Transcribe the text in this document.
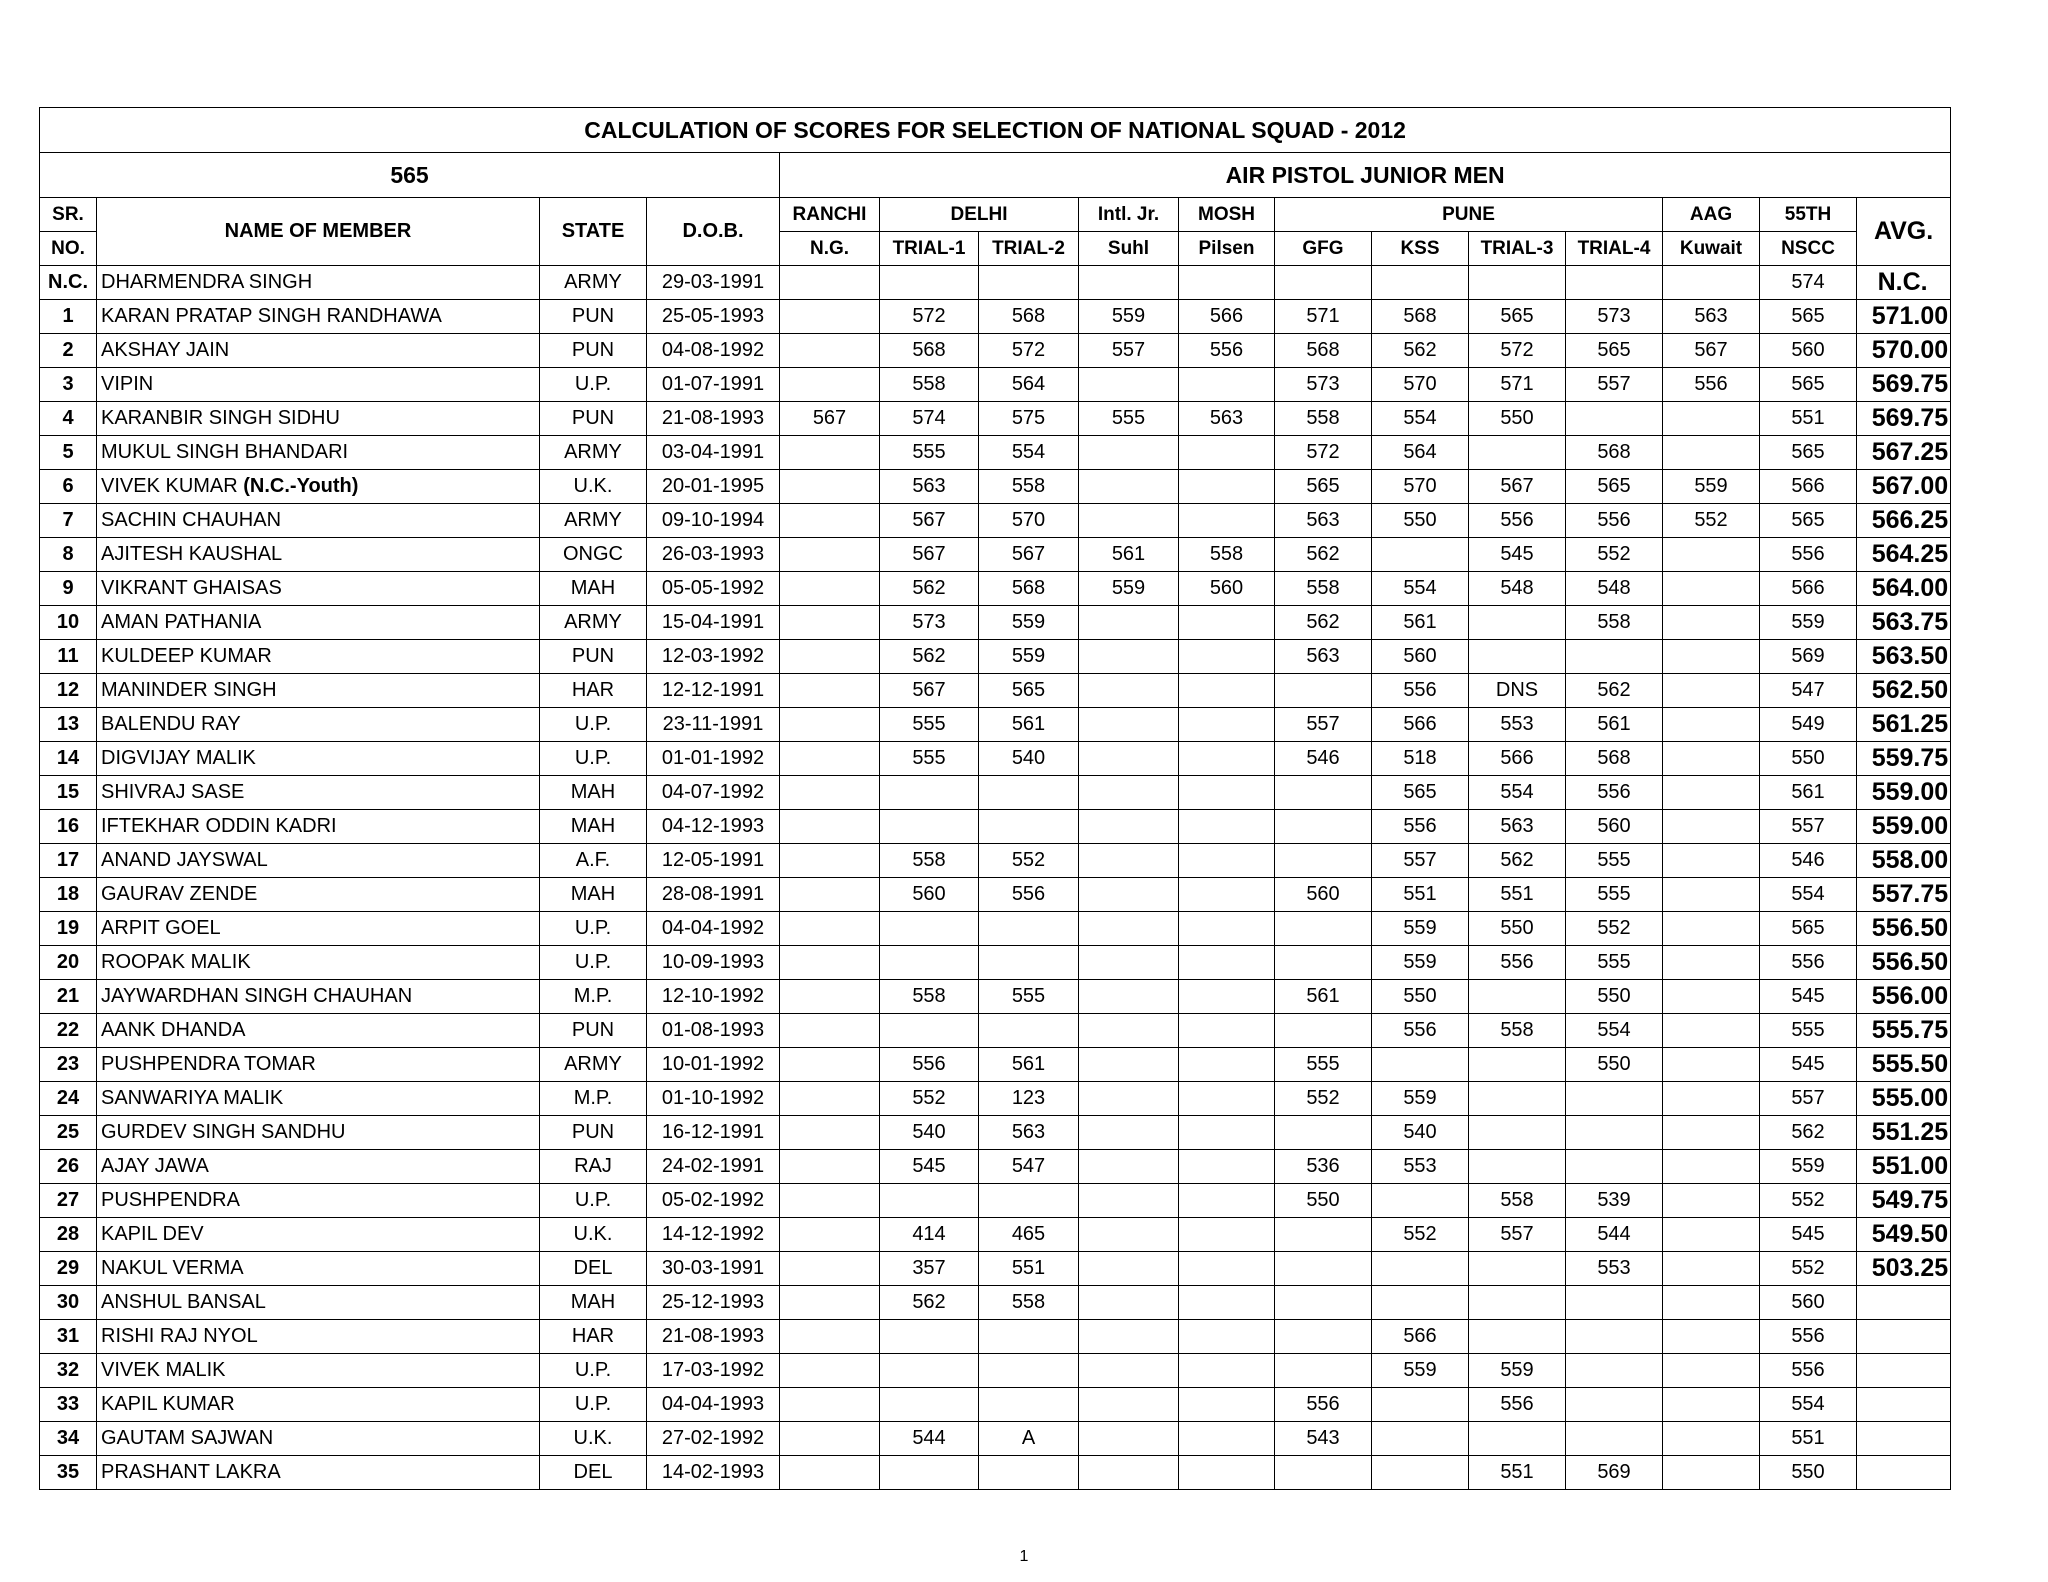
CALCULATION OF SCORES FOR SELECTION OF NATIONAL SQUAD - 2012															
565				AIR PISTOL JUNIOR MEN											
SR.	NAME OF MEMBER	STATE	D.O.B.	RANCHI	DELHI		Intl. Jr.	MOSH	PUNE				AAG	55TH	AVG.
NO.				N.G.	TRIAL-1	TRIAL-2	Suhl	Pilsen	GFG	KSS	TRIAL-3	TRIAL-4	Kuwait	NSCC	
N.C.	DHARMENDRA SINGH	ARMY	29-03-1991											574	N.C.
1	KARAN PRATAP SINGH RANDHAWA	PUN	25-05-1993		572	568	559	566	571	568	565	573	563	565	571.00
2	AKSHAY JAIN	PUN	04-08-1992		568	572	557	556	568	562	572	565	567	560	570.00
3	VIPIN	U.P.	01-07-1991		558	564			573	570	571	557	556	565	569.75
4	KARANBIR SINGH SIDHU	PUN	21-08-1993	567	574	575	555	563	558	554	550			551	569.75
5	MUKUL SINGH BHANDARI	ARMY	03-04-1991		555	554			572	564		568		565	567.25
6	VIVEK KUMAR (N.C.-Youth)	U.K.	20-01-1995		563	558			565	570	567	565	559	566	567.00
7	SACHIN CHAUHAN	ARMY	09-10-1994		567	570			563	550	556	556	552	565	566.25
8	AJITESH KAUSHAL	ONGC	26-03-1993		567	567	561	558	562		545	552		556	564.25
9	VIKRANT GHAISAS	MAH	05-05-1992		562	568	559	560	558	554	548	548		566	564.00
10	AMAN PATHANIA	ARMY	15-04-1991		573	559			562	561		558		559	563.75
11	KULDEEP KUMAR	PUN	12-03-1992		562	559			563	560				569	563.50
12	MANINDER SINGH	HAR	12-12-1991		567	565				556	DNS	562		547	562.50
13	BALENDU RAY	U.P.	23-11-1991		555	561			557	566	553	561		549	561.25
14	DIGVIJAY MALIK	U.P.	01-01-1992		555	540			546	518	566	568		550	559.75
15	SHIVRAJ SASE	MAH	04-07-1992							565	554	556		561	559.00
16	IFTEKHAR ODDIN KADRI	MAH	04-12-1993							556	563	560		557	559.00
17	ANAND JAYSWAL	A.F.	12-05-1991		558	552				557	562	555		546	558.00
18	GAURAV ZENDE	MAH	28-08-1991		560	556			560	551	551	555		554	557.75
19	ARPIT GOEL	U.P.	04-04-1992							559	550	552		565	556.50
20	ROOPAK MALIK	U.P.	10-09-1993							559	556	555		556	556.50
21	JAYWARDHAN SINGH CHAUHAN	M.P.	12-10-1992		558	555			561	550		550		545	556.00
22	AANK DHANDA	PUN	01-08-1993							556	558	554		555	555.75
23	PUSHPENDRA TOMAR	ARMY	10-01-1992		556	561			555			550		545	555.50
24	SANWARIYA MALIK	M.P.	01-10-1992		552	123			552	559				557	555.00
25	GURDEV SINGH SANDHU	PUN	16-12-1991		540	563				540				562	551.25
26	AJAY JAWA	RAJ	24-02-1991		545	547			536	553				559	551.00
27	PUSHPENDRA	U.P.	05-02-1992						550		558	539		552	549.75
28	KAPIL DEV	U.K.	14-12-1992		414	465				552	557	544		545	549.50
29	NAKUL VERMA	DEL	30-03-1991		357	551						553		552	503.25
30	ANSHUL BANSAL	MAH	25-12-1993		562	558								560	
31	RISHI RAJ NYOL	HAR	21-08-1993							566				556	
32	VIVEK MALIK	U.P.	17-03-1992							559	559			556	
33	KAPIL KUMAR	U.P.	04-04-1993						556		556			554	
34	GAUTAM SAJWAN	U.K.	27-02-1992		544	A			543					551	
35	PRASHANT LAKRA	DEL	14-02-1993								551	569		550	
1
